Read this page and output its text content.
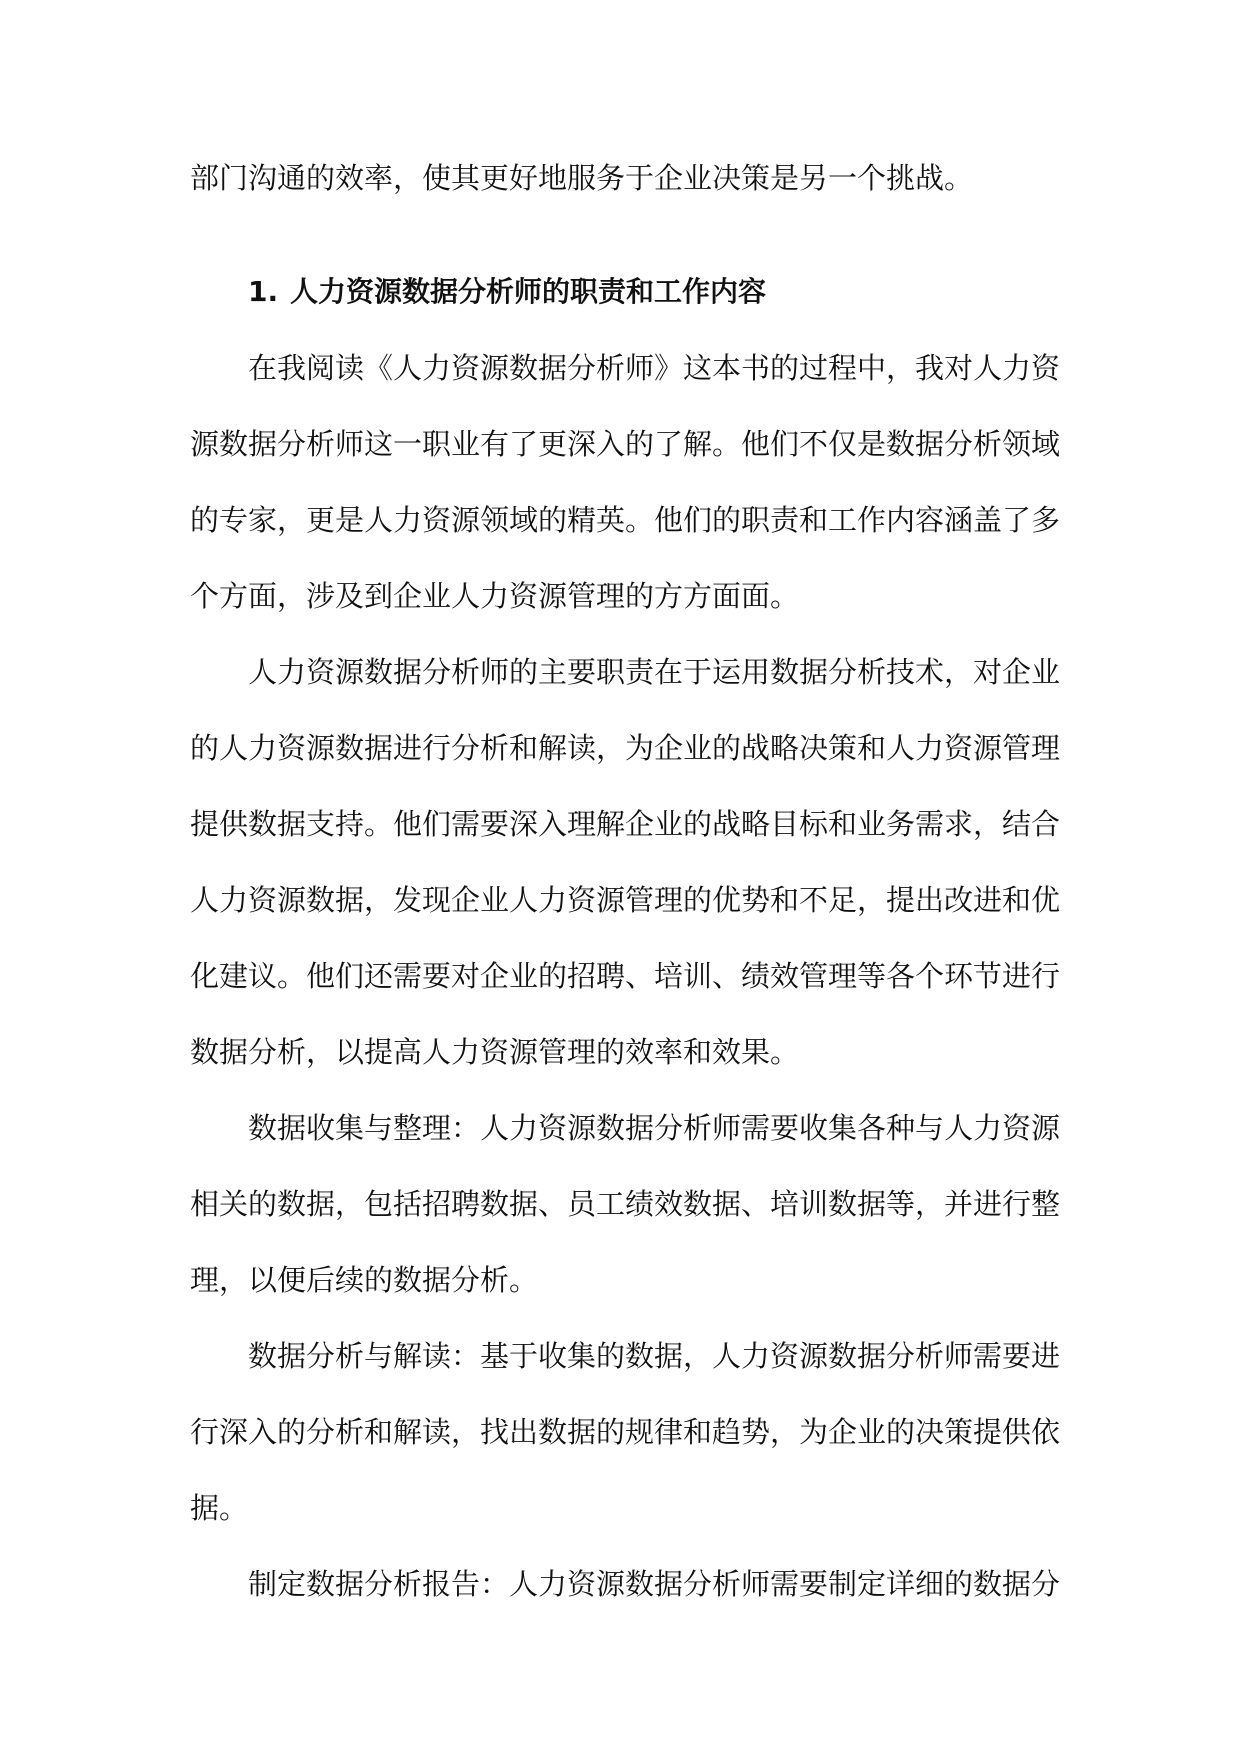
部门沟通的效率，使其更好地服务于企业决策是另一个挑战。

1. 人力资源数据分析师的职责和工作内容

在我阅读《人力资源数据分析师》这本书的过程中，我对人力资源数据分析师这一职业有了更深入的了解。他们不仅是数据分析领域的专家，更是人力资源领域的精英。他们的职责和工作内容涵盖了多个方面，涉及到企业人力资源管理的方方面面。

人力资源数据分析师的主要职责在于运用数据分析技术，对企业的人力资源数据进行分析和解读，为企业的战略决策和人力资源管理提供数据支持。他们需要深入理解企业的战略目标和业务需求，结合人力资源数据，发现企业人力资源管理的优势和不足，提出改进和优化建议。他们还需要对企业的招聘、培训、绩效管理等各个环节进行数据分析，以提高人力资源管理的效率和效果。

数据收集与整理：人力资源数据分析师需要收集各种与人力资源相关的数据，包括招聘数据、员工绩效数据、培训数据等，并进行整理，以便后续的数据分析。

数据分析与解读：基于收集的数据，人力资源数据分析师需要进行深入的分析和解读，找出数据的规律和趋势，为企业的决策提供依据。

制定数据分析报告：人力资源数据分析师需要制定详细的数据分
